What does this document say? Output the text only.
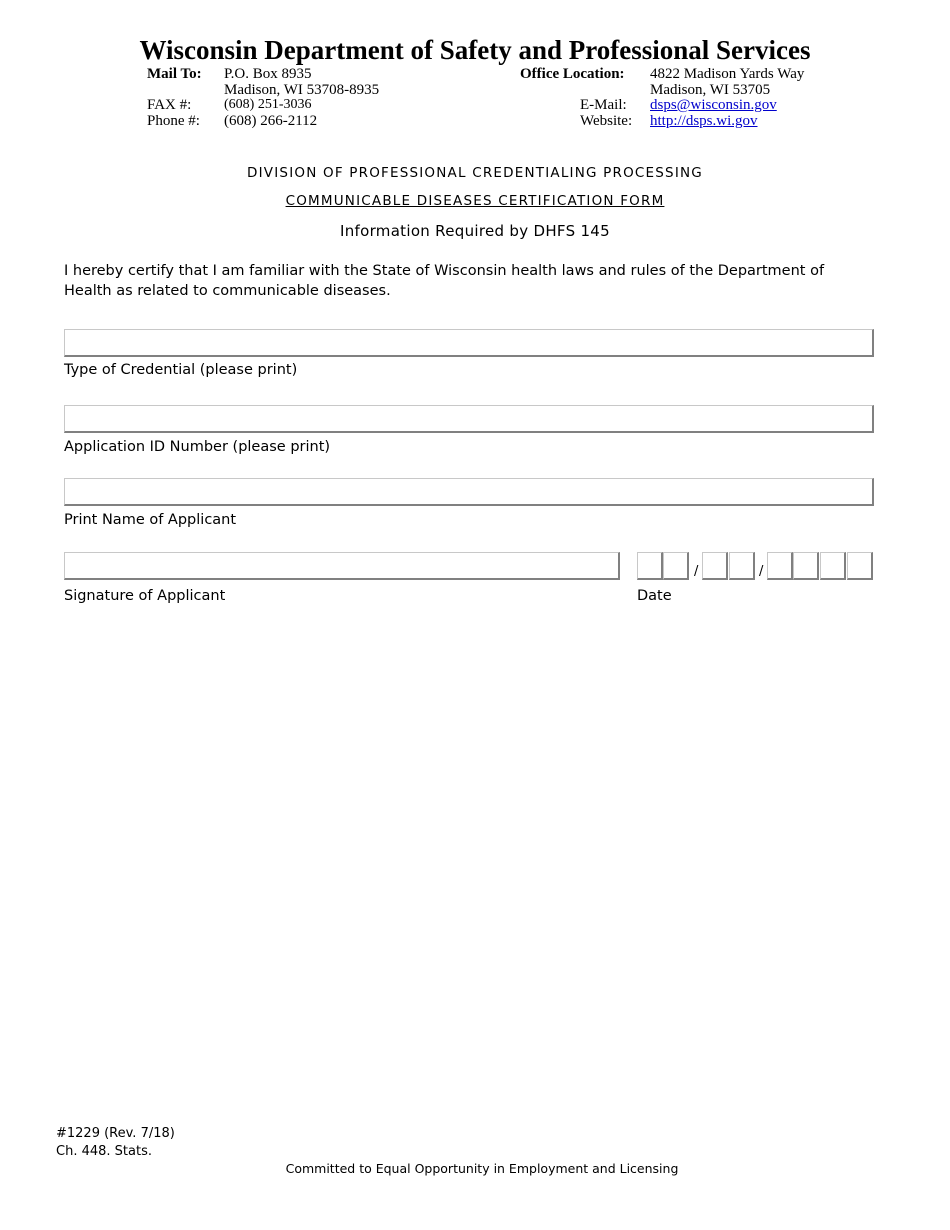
Wisconsin Department of Safety and Professional Services
Mail To: P.O. Box 8935
Madison, WI 53708-8935
FAX #: (608) 251-3036
Phone #: (608) 266-2112
Office Location: 4822 Madison Yards Way
Madison, WI 53705
E-Mail: dsps@wisconsin.gov
Website: http://dsps.wi.gov
DIVISION OF PROFESSIONAL CREDENTIALING PROCESSING
COMMUNICABLE DISEASES CERTIFICATION FORM
Information Required by DHFS 145
I hereby certify that I am familiar with the State of Wisconsin health laws and rules of the Department of Health as related to communicable diseases.
Type of Credential (please print)
Application ID Number (please print)
Print Name of Applicant
Signature of Applicant
/	/
Date
#1229 (Rev. 7/18)
Ch. 448. Stats.
Committed to Equal Opportunity in Employment and Licensing
